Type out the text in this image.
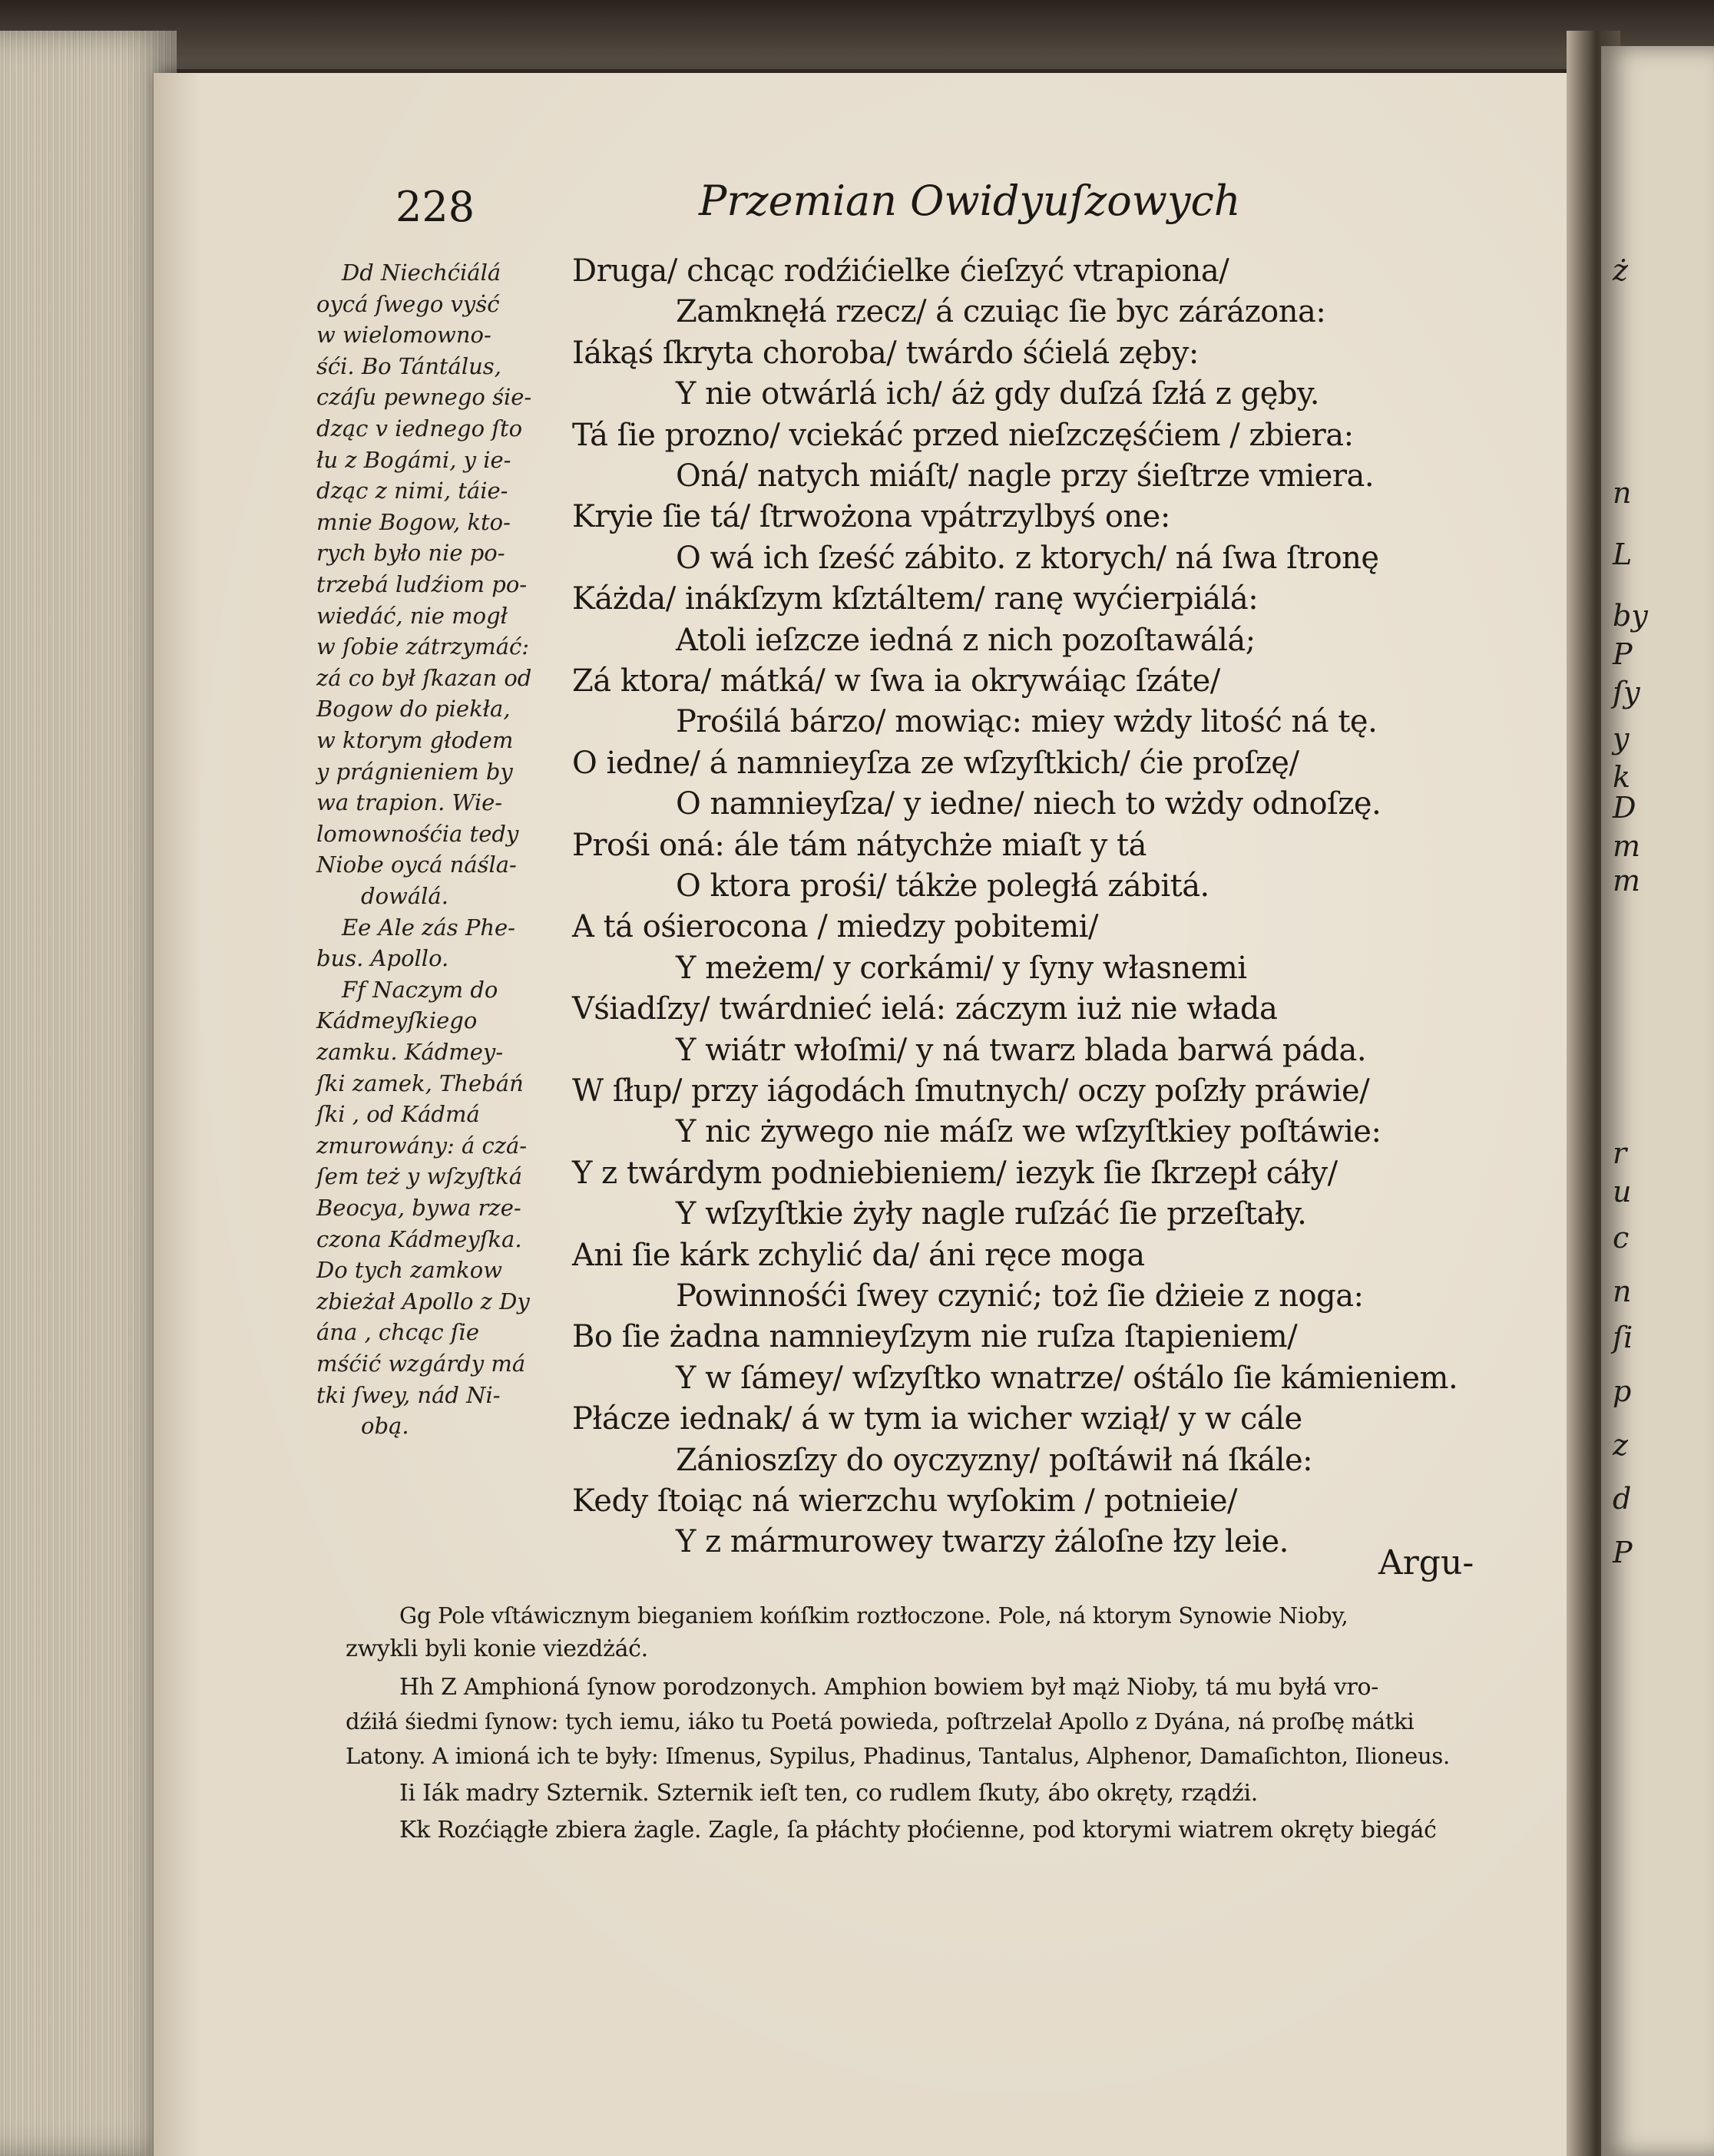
228	Przemian Owidyuſzowych
Druga/ chcąc rodźićielke ćieſzyć vtrapiona/
Zamknęłá rzecz/ á czuiąc ſie byc zárázona:
Iákąś ſkryta choroba/ twárdo śćielá zęby:
Y nie otwárlá ich/ áż gdy duſzá ſzłá z gęby.
Tá ſie prozno/ vciekáć przed nieſzczęśćiem / zbiera:
Oná/ natych miáſt/ nagle przy śieſtrze vmiera.
Kryie ſie tá/ ſtrwożona vpátrzylbyś one:
O wá ich ſześć zábito. z ktorych/ ná ſwa ſtronę
Káżda/ inákſzym kſztáltem/ ranę wyćierpiálá:
Atoli ieſzcze iedná z nich pozoſtawálá;
Zá ktora/ mátká/ w ſwa ia okrywáiąc ſzáte/
Prośilá bárzo/ mowiąc: miey wżdy litość ná tę.
O iedne/ á namnieyſza ze wſzyſtkich/ ćie proſzę/
O namnieyſza/ y iedne/ niech to wżdy odnoſzę.
Prośi oná: ále tám nátychże miaſt y tá
O ktora prośi/ tákże poległá zábitá.
A tá ośierocona / miedzy pobitemi/
Y meżem/ y corkámi/ y ſyny własnemi
Vśiadſzy/ twárdnieć ielá: záczym iuż nie włada
Y wiátr włoſmi/ y ná twarz blada barwá páda.
W ſłup/ przy iágodách ſmutnych/ oczy poſzły práwie/
Y nic żywego nie máſz we wſzyſtkiey poſtáwie:
Y z twárdym podniebieniem/ iezyk ſie ſkrzepł cáły/
Y wſzyſtkie żyły nagle ruſzáć ſie przeſtały.
Ani ſie kárk zchylić da/ áni ręce moga
Powinnośći ſwey czynić; toż ſie dżieie z noga:
Bo ſie żadna namnieyſzym nie ruſza ſtapieniem/
Y w ſámey/ wſzyſtko wnatrze/ ośtálo ſie kámieniem.
Płácze iednak/ á w tym ia wicher wziął/ y w cále
Zánioszſzy do oyczyzny/ poſtáwił ná ſkále:
Kedy ſtoiąc ná wierzchu wyſokim / potnieie/
Y z mármurowey twarzy żáloſne łzy leie.
Dd Niechćiálá
oycá ſwego vyṡć
w wielomowno-
śći. Bo Tántálus,
czáſu pewnego śie-
dząc v iednego ſto
łu z Bogámi, y ie-
dząc z nimi, táie-
mnie Bogow, kto-
rych było nie po-
trzebá ludźiom po-
wiedáć, nie mogł
w ſobie zátrzymáć:
zá co był ſkazan od
Bogow do piekła,
w ktorym głodem
y prágnieniem by
wa trapion. Wie-
lomownośćia tedy
Niobe oycá náśla-
dowálá.
Ee Ale zás Phe-
bus. Apollo.
Ff Naczym do
Kádmeyſkiego
zamku. Kádmey-
ſki zamek, Thebáń
ſki , od Kádmá
zmurowány: á czá-
ſem też y wſzyſtká
Beocya, bywa rze-
czona Kádmeyſka.
Do tych zamkow
zbieżał Apollo z Dy
ána , chcąc ſie
mśćić wzgárdy má
tki ſwey, nád Ni-
obą.
Argu-
Gg Pole vſtáwicznym bieganiem końſkim roztłoczone. Pole, ná ktorym Synowie Nioby,
zwykli byli konie viezdżáć.
Hh Z Amphioná ſynow porodzonych. Amphion bowiem był mąż Nioby, tá mu byłá vro-
dźiłá śiedmi ſynow: tych iemu, iáko tu Poetá powieda, poſtrzelał Apollo z Dyána, ná proſbę mátki
Latony. A imioná ich te były: Iſmenus, Sypilus, Phadinus, Tantalus, Alphenor, Damaſichton, Ilioneus.
Ii Iák madry Szternik. Szternik ieſt ten, co rudlem ſkuty, ábo okręty, rządźi.
Kk Rozćiągłe zbiera żagle. Zagle, ſa płáchty płoćienne, pod ktorymi wiatrem okręty biegáć
ż
n
L
by
P
ſy
y
k
D
m
m
r
u
c
n
ſi
p
z
d
P
